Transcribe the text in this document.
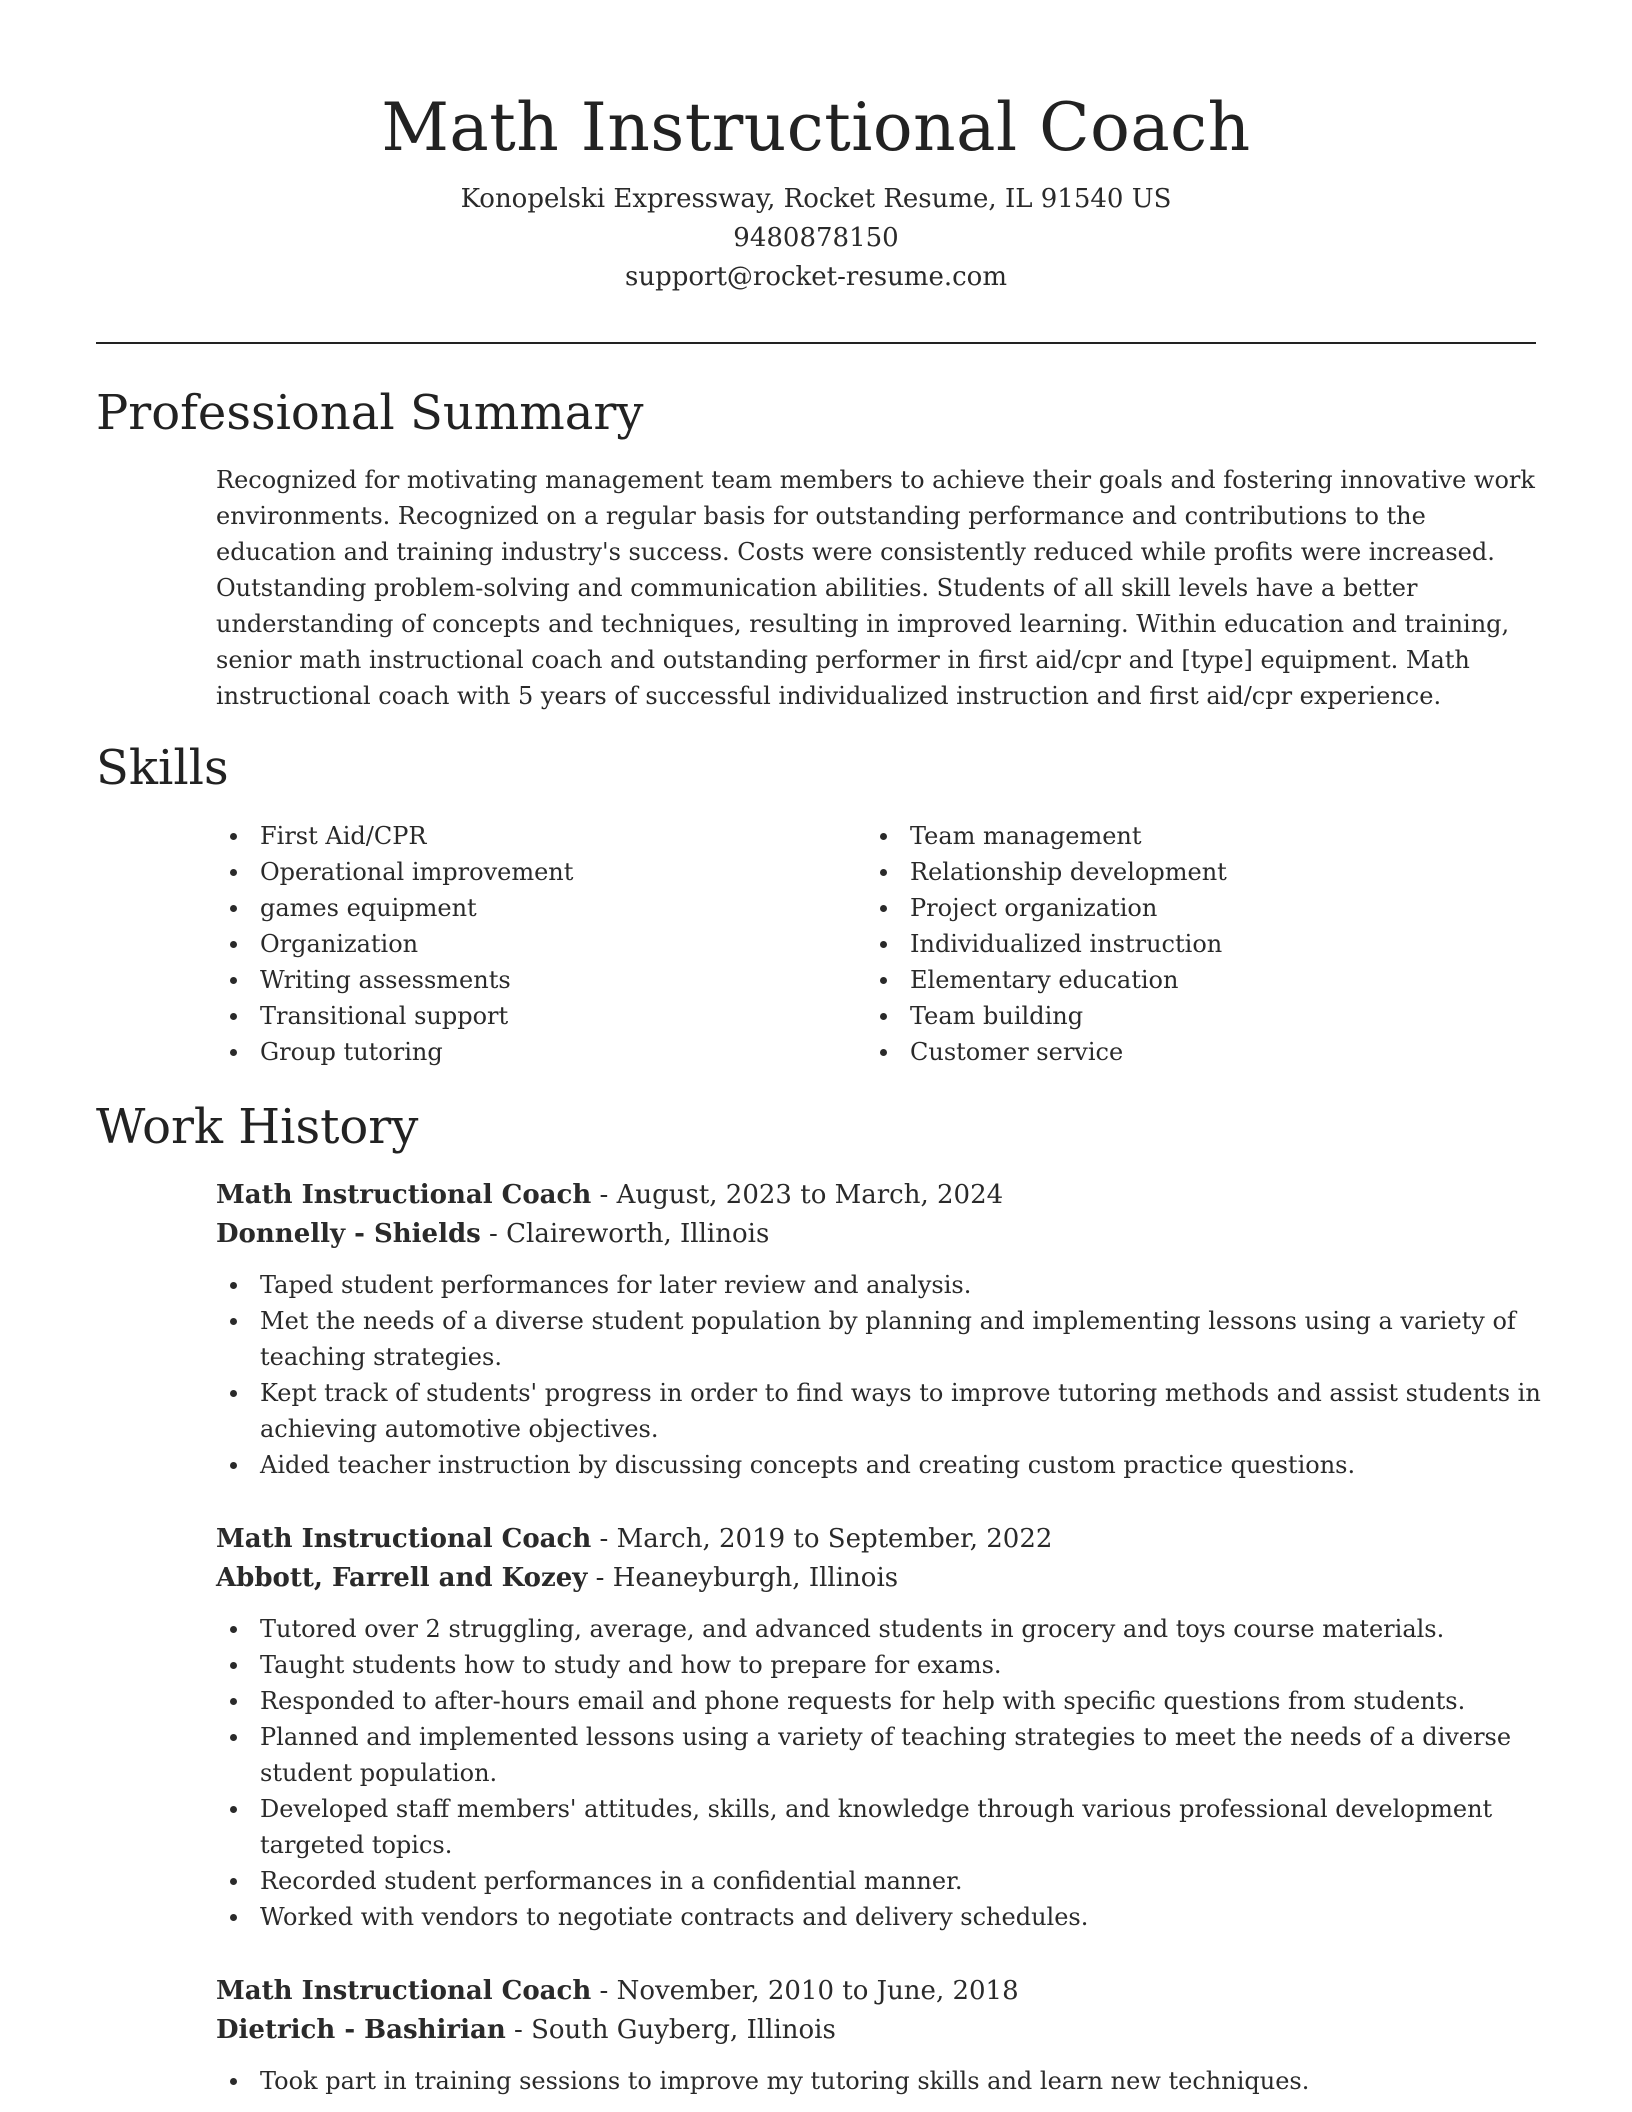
Math Instructional Coach
Konopelski Expressway, Rocket Resume, IL 91540 US
9480878150
support@rocket-resume.com
Professional Summary

Recognized for motivating management team members to achieve their goals and fostering innovative work environments. Recognized on a regular basis for outstanding performance and contributions to the education and training industry's success. Costs were consistently reduced while profits were increased. Outstanding problem-solving and communication abilities. Students of all skill levels have a better understanding of concepts and techniques, resulting in improved learning. Within education and training, senior math instructional coach and outstanding performer in first aid/cpr and [type] equipment. Math instructional coach with 5 years of successful individualized instruction and first aid/cpr experience.

Skills
First Aid/CPR
Operational improvement
games equipment
Organization
Writing assessments
Transitional support
Group tutoring
Team management
Relationship development
Project organization
Individualized instruction
Elementary education
Team building
Customer service
Work History
Math Instructional Coach - August, 2023 to March, 2024
Donnelly - Shields - Claireworth, Illinois
Taped student performances for later review and analysis.
Met the needs of a diverse student population by planning and implementing lessons using a variety of teaching strategies.
Kept track of students' progress in order to find ways to improve tutoring methods and assist students in achieving automotive objectives.
Aided teacher instruction by discussing concepts and creating custom practice questions.
Math Instructional Coach - March, 2019 to September, 2022
Abbott, Farrell and Kozey - Heaneyburgh, Illinois
Tutored over 2 struggling, average, and advanced students in grocery and toys course materials.
Taught students how to study and how to prepare for exams.
Responded to after-hours email and phone requests for help with specific questions from students.
Planned and implemented lessons using a variety of teaching strategies to meet the needs of a diverse student population.
Developed staff members' attitudes, skills, and knowledge through various professional development targeted topics.
Recorded student performances in a confidential manner.
Worked with vendors to negotiate contracts and delivery schedules.
Math Instructional Coach - November, 2010 to June, 2018
Dietrich - Bashirian - South Guyberg, Illinois
Took part in training sessions to improve my tutoring skills and learn new techniques.
